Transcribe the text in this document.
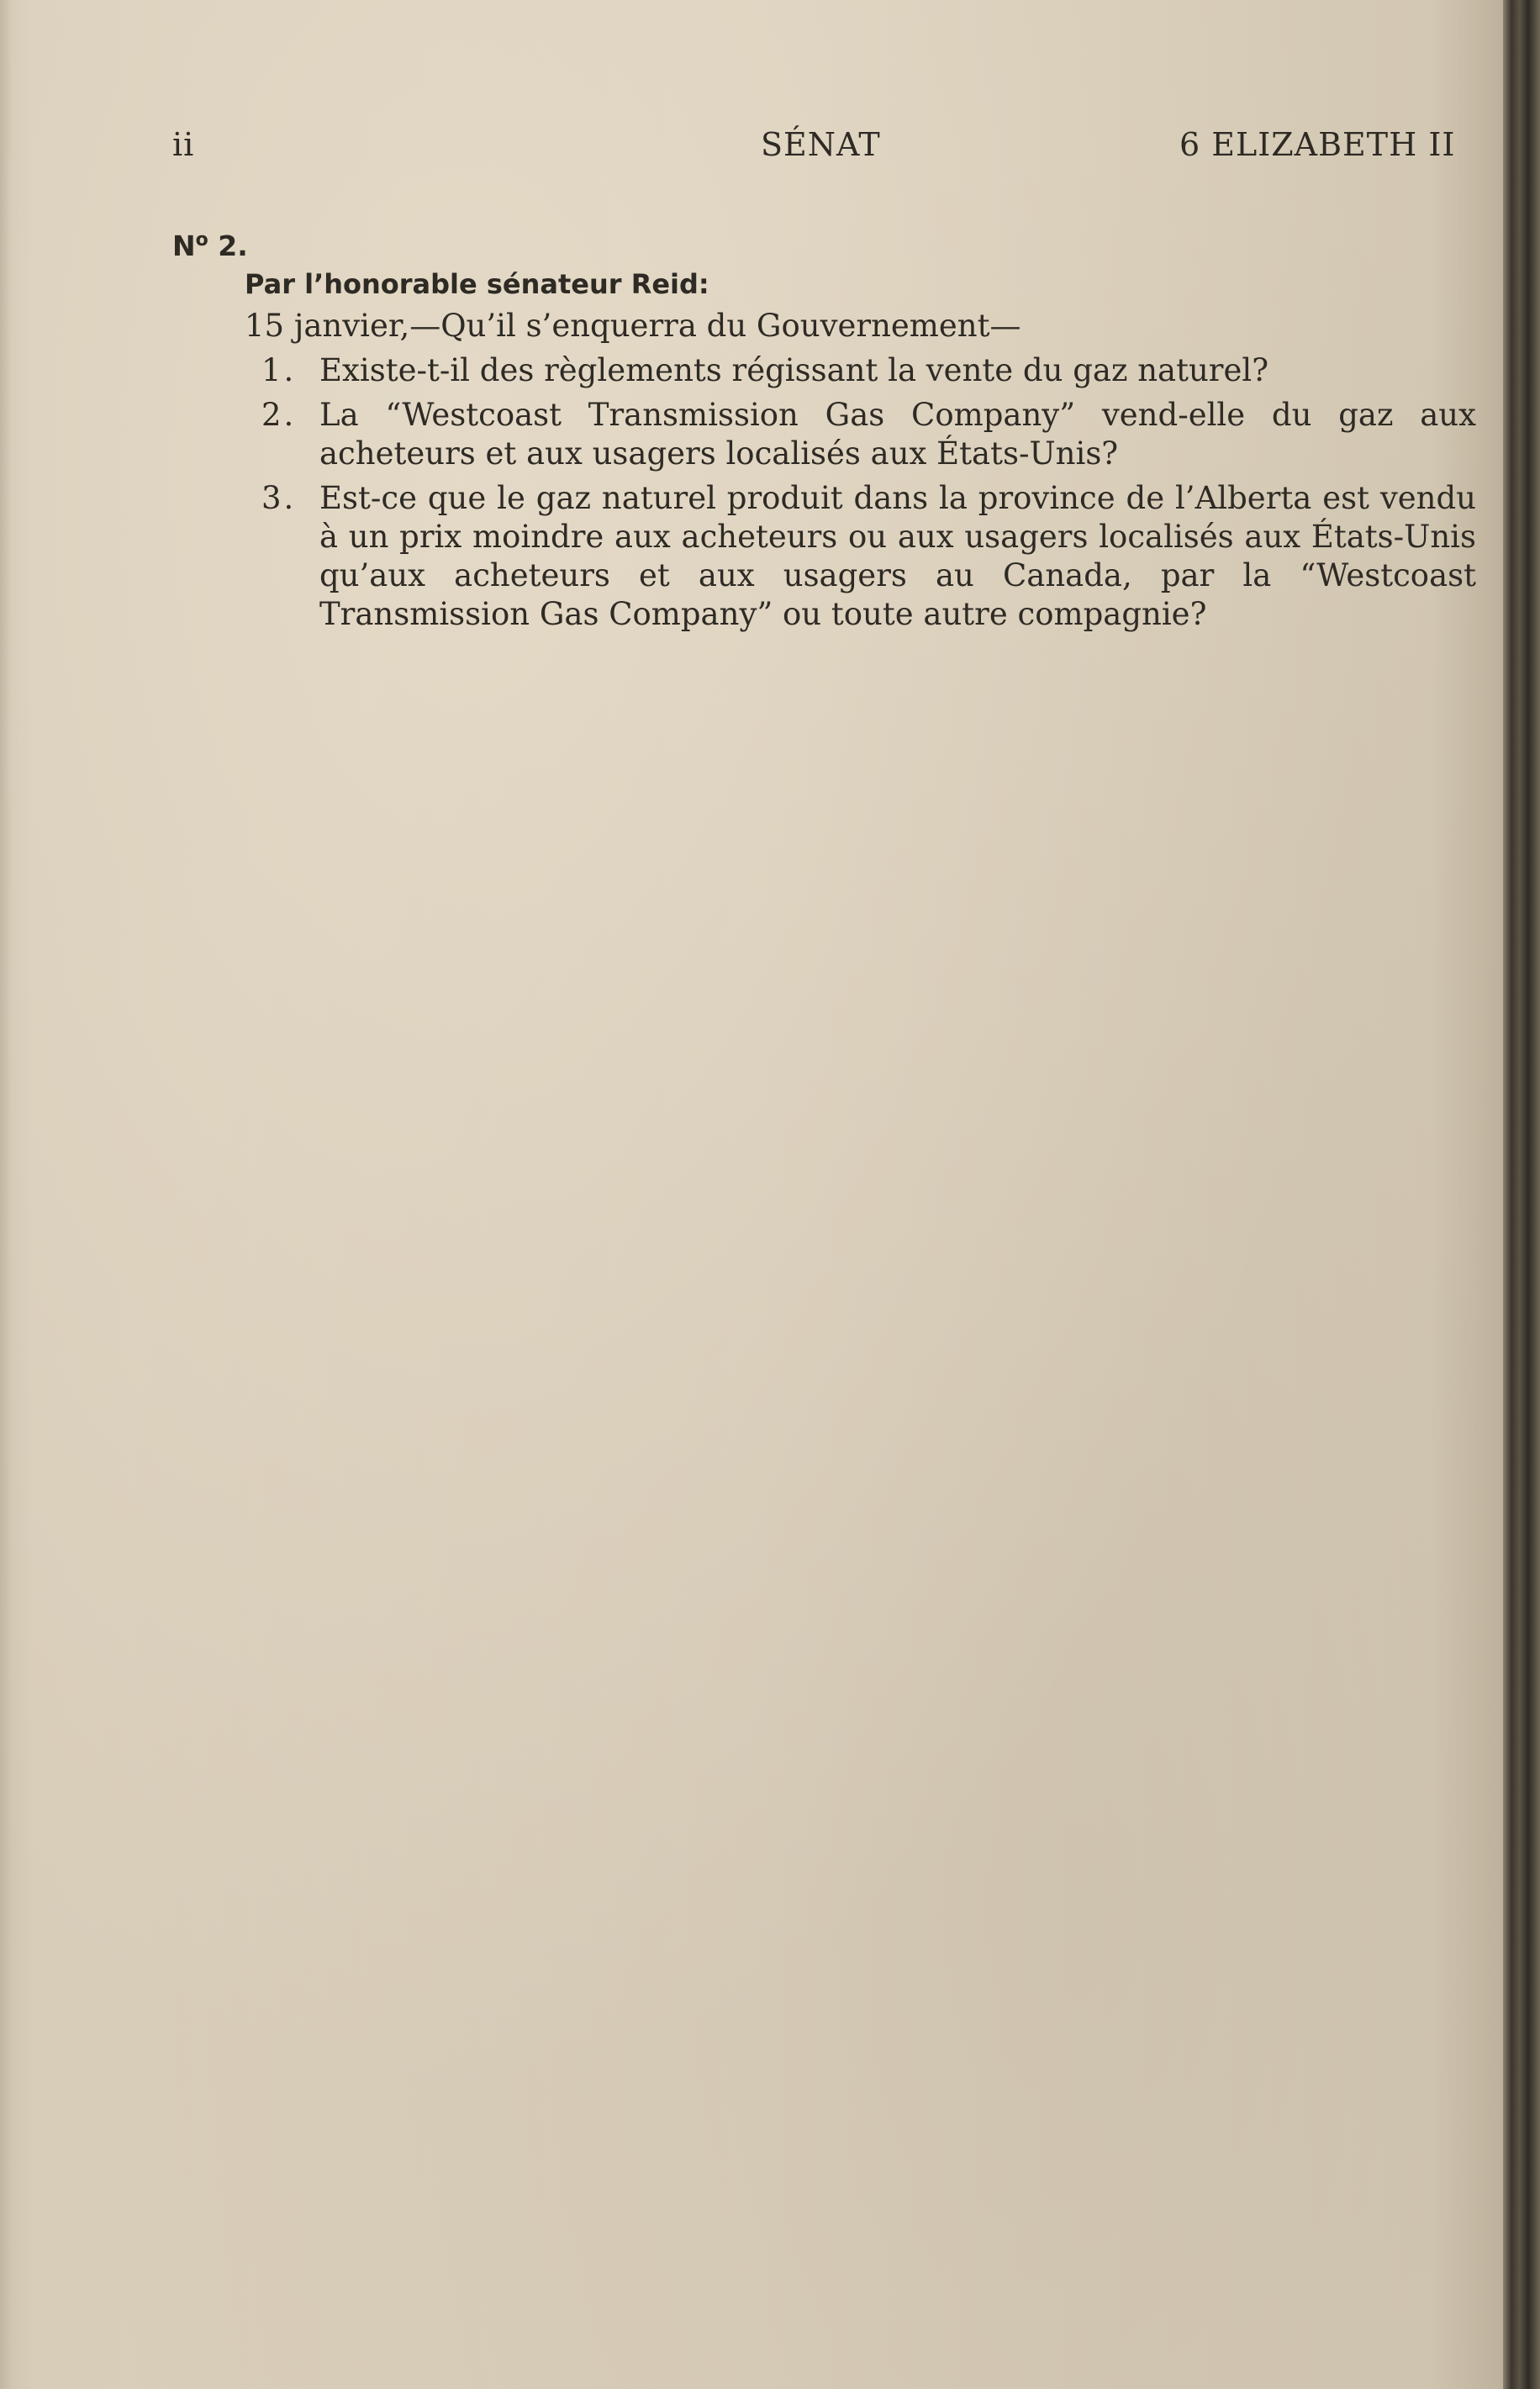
ii	SÉNAT	6 ELIZABETH II
$N^o$ 2.
Par l’honorable sénateur Reid:
15 janvier,—Qu’il s’enquerra du Gouvernement—
1. Existe-t-il des règlements régissant la vente du gaz naturel?
2. La “Westcoast Transmission Gas Company” vend-elle du gaz aux acheteurs et aux usagers localisés aux États-Unis?
3. Est-ce que le gaz naturel produit dans la province de l’Alberta est vendu à un prix moindre aux acheteurs ou aux usagers localisés aux États-Unis qu’aux acheteurs et aux usagers au Canada, par la “Westcoast Transmission Gas Company” ou toute autre compagnie?
